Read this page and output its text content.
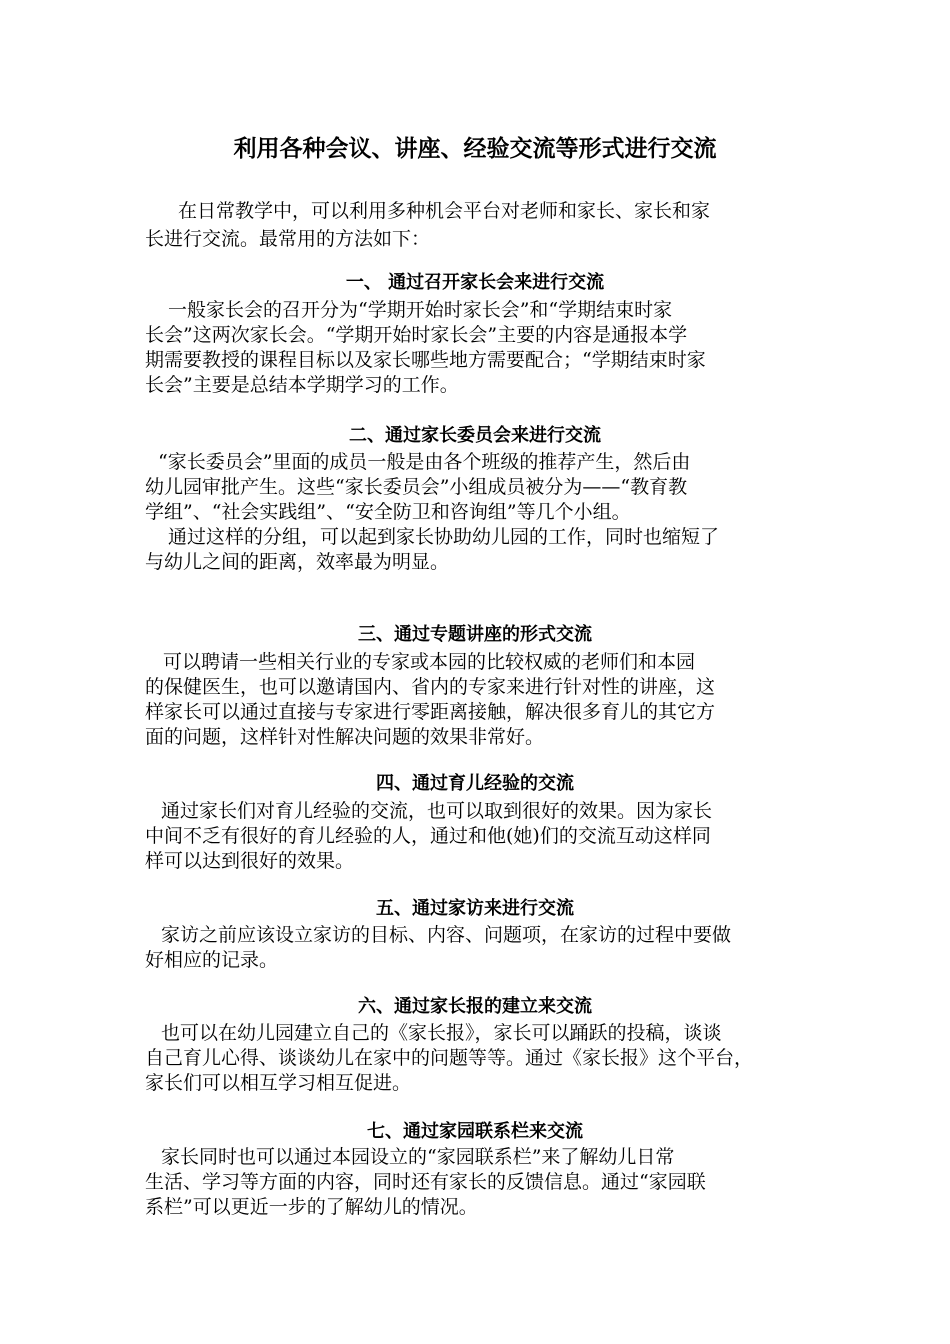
利用各种会议、讲座、经验交流等形式进行交流
在日常教学中，可以利用多种机会平台对老师和家长、家长和家
长进行交流。最常用的方法如下：
一、 通过召开家长会来进行交流
一般家长会的召开分为“学期开始时家长会”和“学期结束时家
长会”这两次家长会。“学期开始时家长会”主要的内容是通报本学
期需要教授的课程目标以及家长哪些地方需要配合；“学期结束时家
长会”主要是总结本学期学习的工作。
二、通过家长委员会来进行交流
“家长委员会”里面的成员一般是由各个班级的推荐产生，然后由
幼儿园审批产生。这些“家长委员会”小组成员被分为——“教育教
学组”、“社会实践组”、“安全防卫和咨询组”等几个小组。
通过这样的分组，可以起到家长协助幼儿园的工作，同时也缩短了
与幼儿之间的距离，效率最为明显。
三、通过专题讲座的形式交流
可以聘请一些相关行业的专家或本园的比较权威的老师们和本园
的保健医生，也可以邀请国内、省内的专家来进行针对性的讲座，这
样家长可以通过直接与专家进行零距离接触，解决很多育儿的其它方
面的问题，这样针对性解决问题的效果非常好。
四、通过育儿经验的交流
通过家长们对育儿经验的交流，也可以取到很好的效果。因为家长
中间不乏有很好的育儿经验的人，通过和他(她)们的交流互动这样同
样可以达到很好的效果。
五、通过家访来进行交流
家访之前应该设立家访的目标、内容、问题项，在家访的过程中要做
好相应的记录。
六、通过家长报的建立来交流
也可以在幼儿园建立自己的《家长报》，家长可以踊跃的投稿，谈谈
自己育儿心得、谈谈幼儿在家中的问题等等。通过《家长报》这个平台，
家长们可以相互学习相互促进。
七、通过家园联系栏来交流
家长同时也可以通过本园设立的“家园联系栏”来了解幼儿日常
生活、学习等方面的内容，同时还有家长的反馈信息。通过“家园联
系栏”可以更近一步的了解幼儿的情况。
